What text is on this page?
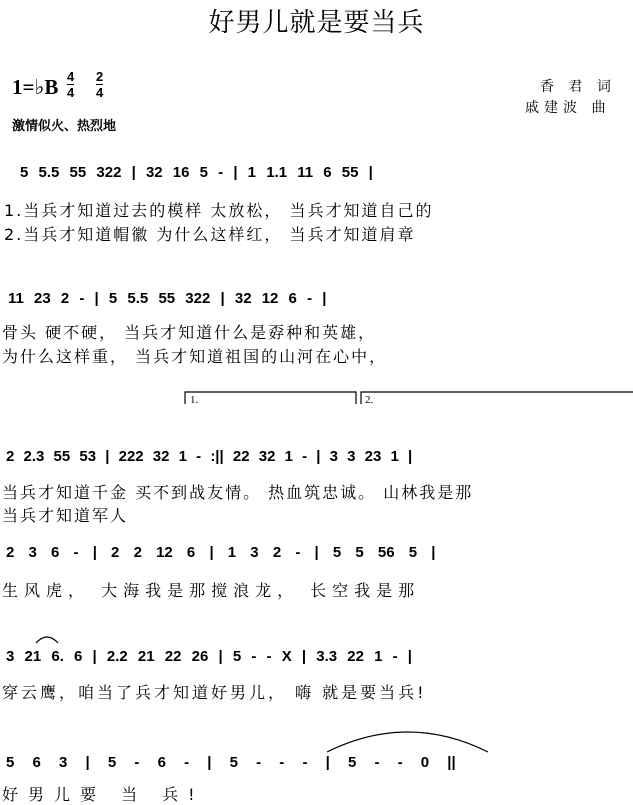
好男儿就是要当兵
1=♭B 4
4
2
4
激情似火、热烈地
香 君 词
戚建波 曲
5 5.5 55 322 | 32 16 5 - | 1 1.1 11 6 55 |
1.当兵才知道过去的模样 太放松， 当兵才知道自己的
2.当兵才知道帽徽 为什么这样红， 当兵才知道肩章
11 23 2 - | 5 5.5 55 322 | 32 12 6 - |
骨头 硬不硬， 当兵才知道什么是孬种和英雄，
为什么这样重， 当兵才知道祖国的山河在心中，
1.	2.
2 2.3 55 53 | 222 32 1 - :|| 22 32 1 - | 3 3 23 1 |
当兵才知道千金 买不到战友情。 热血筑忠诚。 山林我是那
当兵才知道军人
2 3 6 - | 2 2 12 6 | 1 3 2 - | 5 5 56 5 |
生风虎， 大海我是那搅浪龙， 长空我是那
3 21 6. 6 | 2.2 21 22 26 | 5 - - X | 3.3 22 1 - |
穿云鹰，咱当了兵才知道好男儿， 嗨 就是要当兵!
5 6 3 | 5 - 6 - | 5 - - - | 5 - - 0 ||
好男儿要 当 兵!
